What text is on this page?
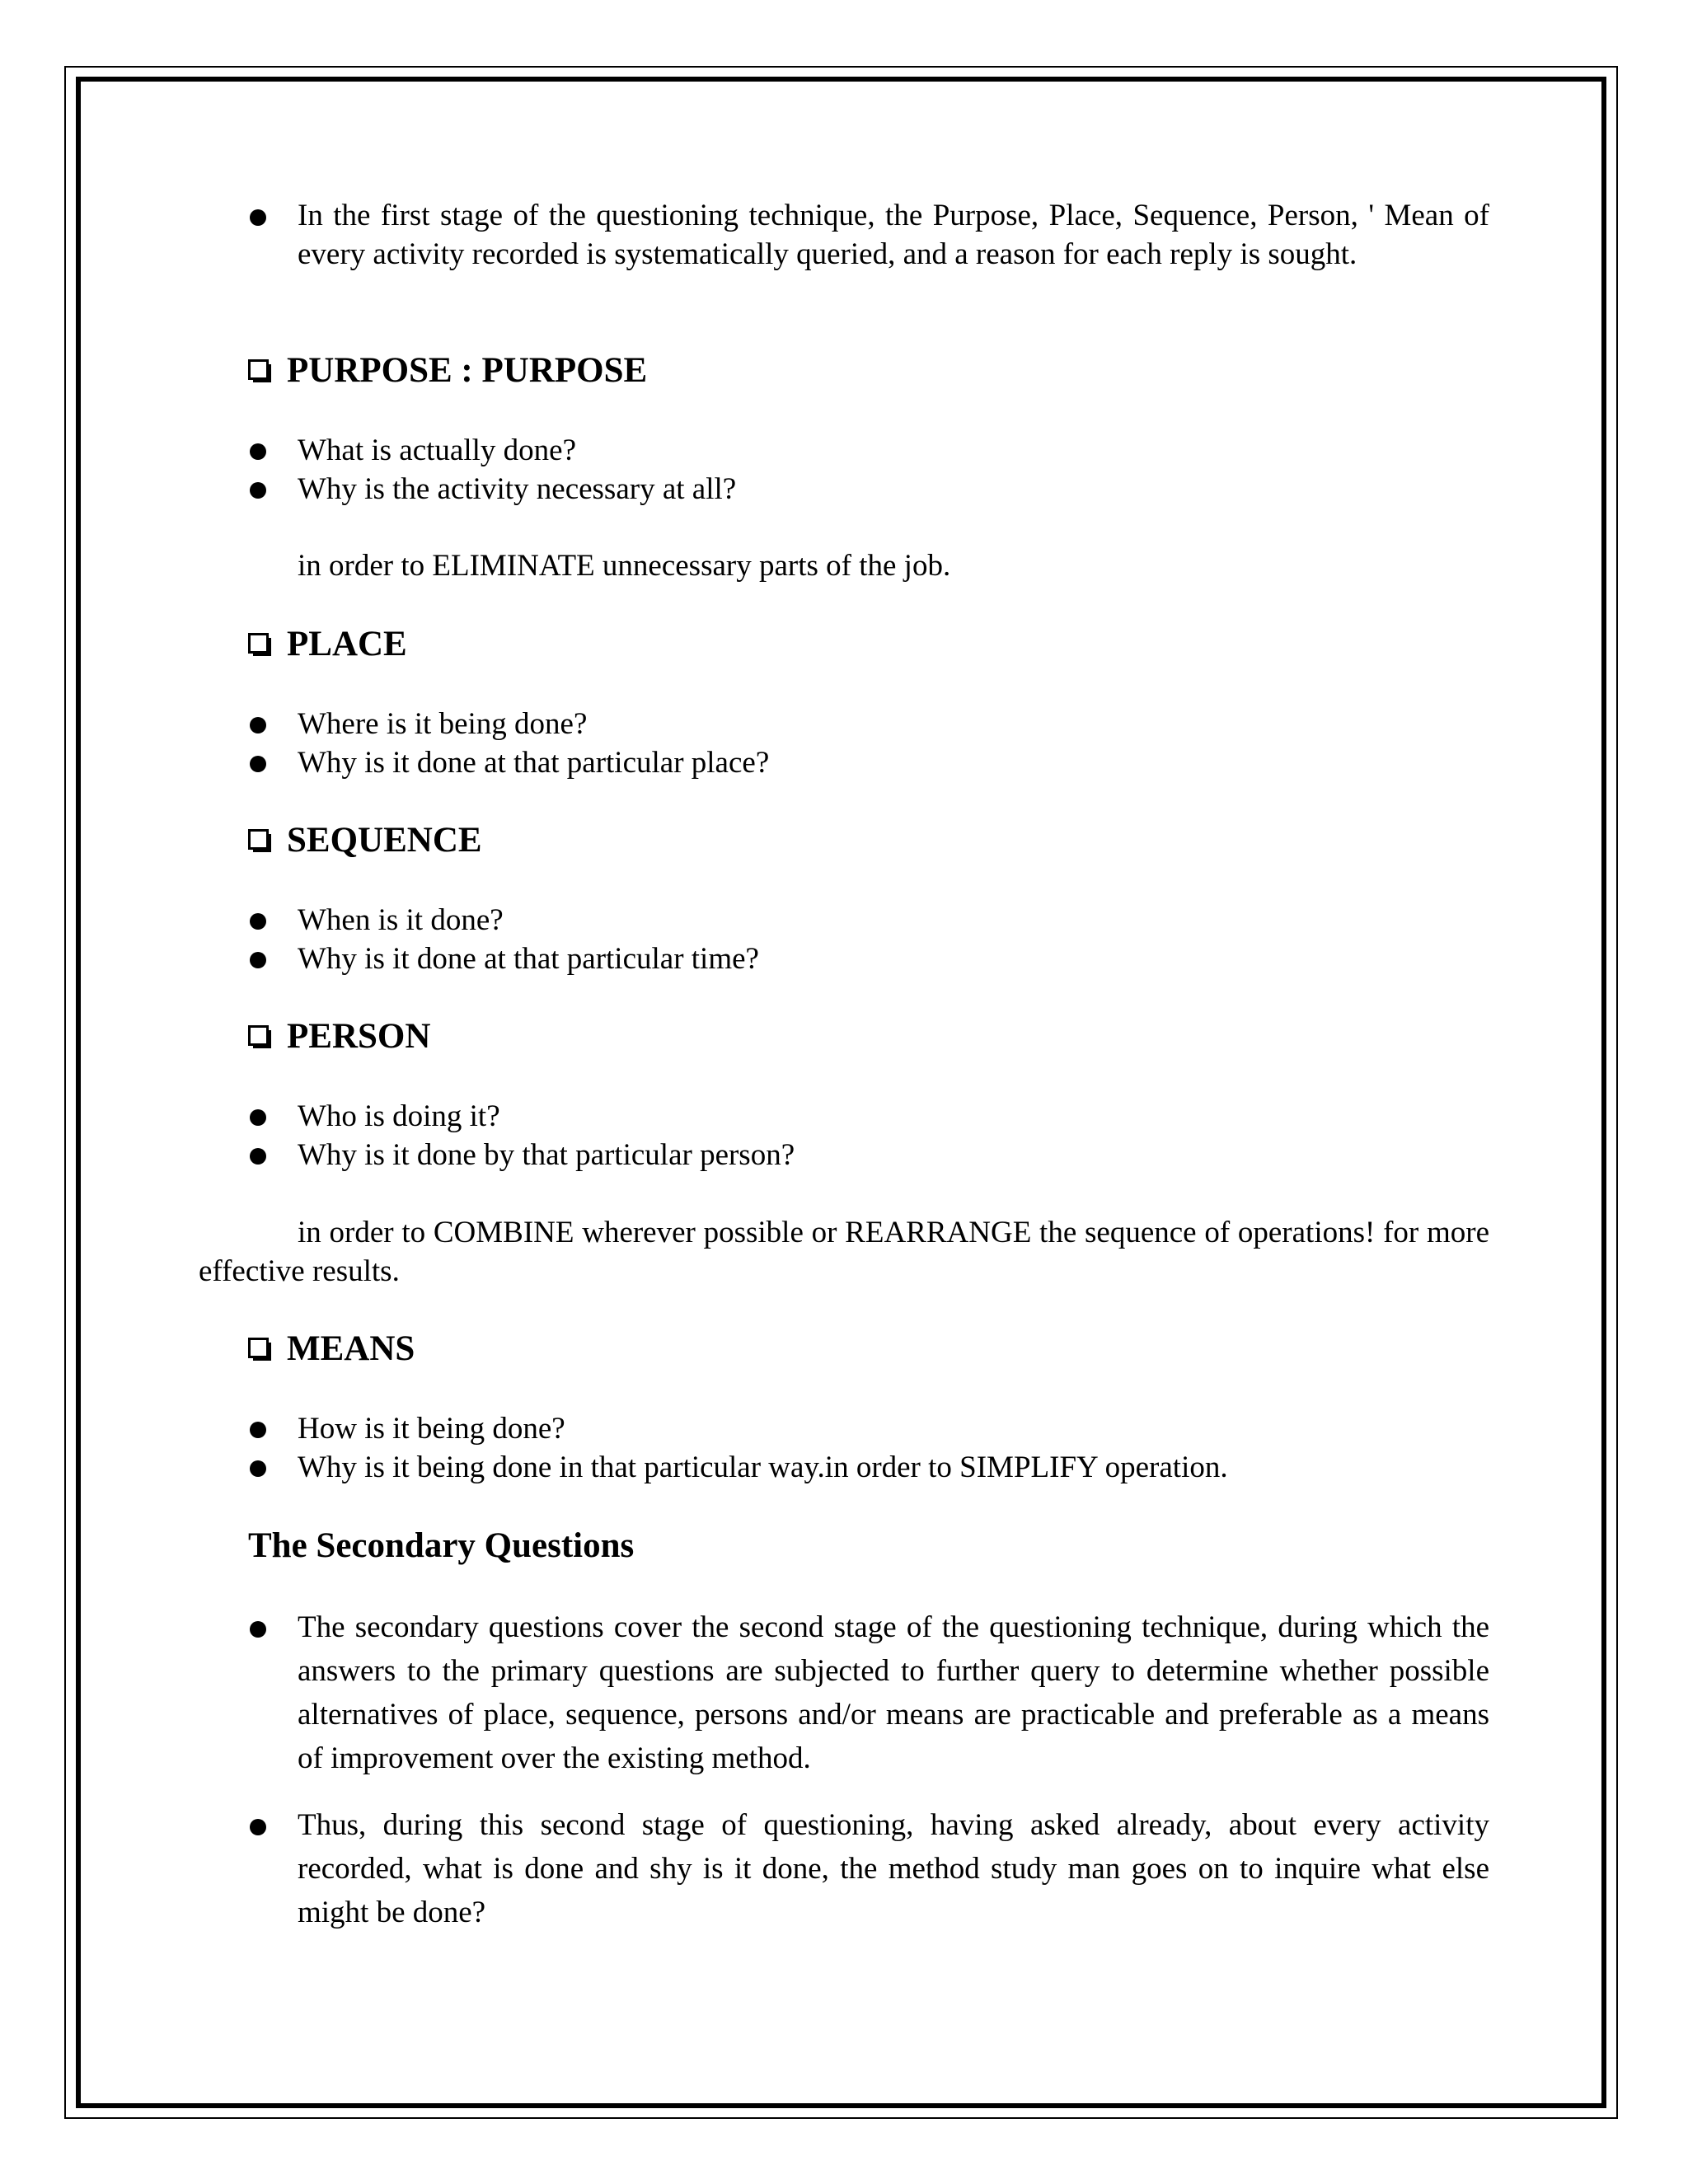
In the first stage of the questioning technique, the Purpose, Place, Sequence, Person, ' Mean of every activity recorded is systematically queried, and a reason for each reply is sought.
PURPOSE : PURPOSE
What is actually done?
Why is the activity necessary at all?
in order to ELIMINATE unnecessary parts of the job.
PLACE
Where is it being done?
Why is it done at that particular place?
SEQUENCE
When is it done?
Why is it done at that particular time?
PERSON
Who is doing it?
Why is it done by that particular person?
in order to COMBINE wherever possible or REARRANGE the sequence of operations! for more effective results.
MEANS
How is it being done?
Why is it being done in that particular way.in order to SIMPLIFY operation.
The Secondary Questions
The secondary questions cover the second stage of the questioning technique, during which the answers to the primary questions are subjected to further query to determine whether possible alternatives of place, sequence, persons and/or means are practicable and preferable as a means of improvement over the existing method.
Thus, during this second stage of questioning, having asked already, about every activity recorded, what is done and shy is it done, the method study man goes on to inquire what else might be done?
